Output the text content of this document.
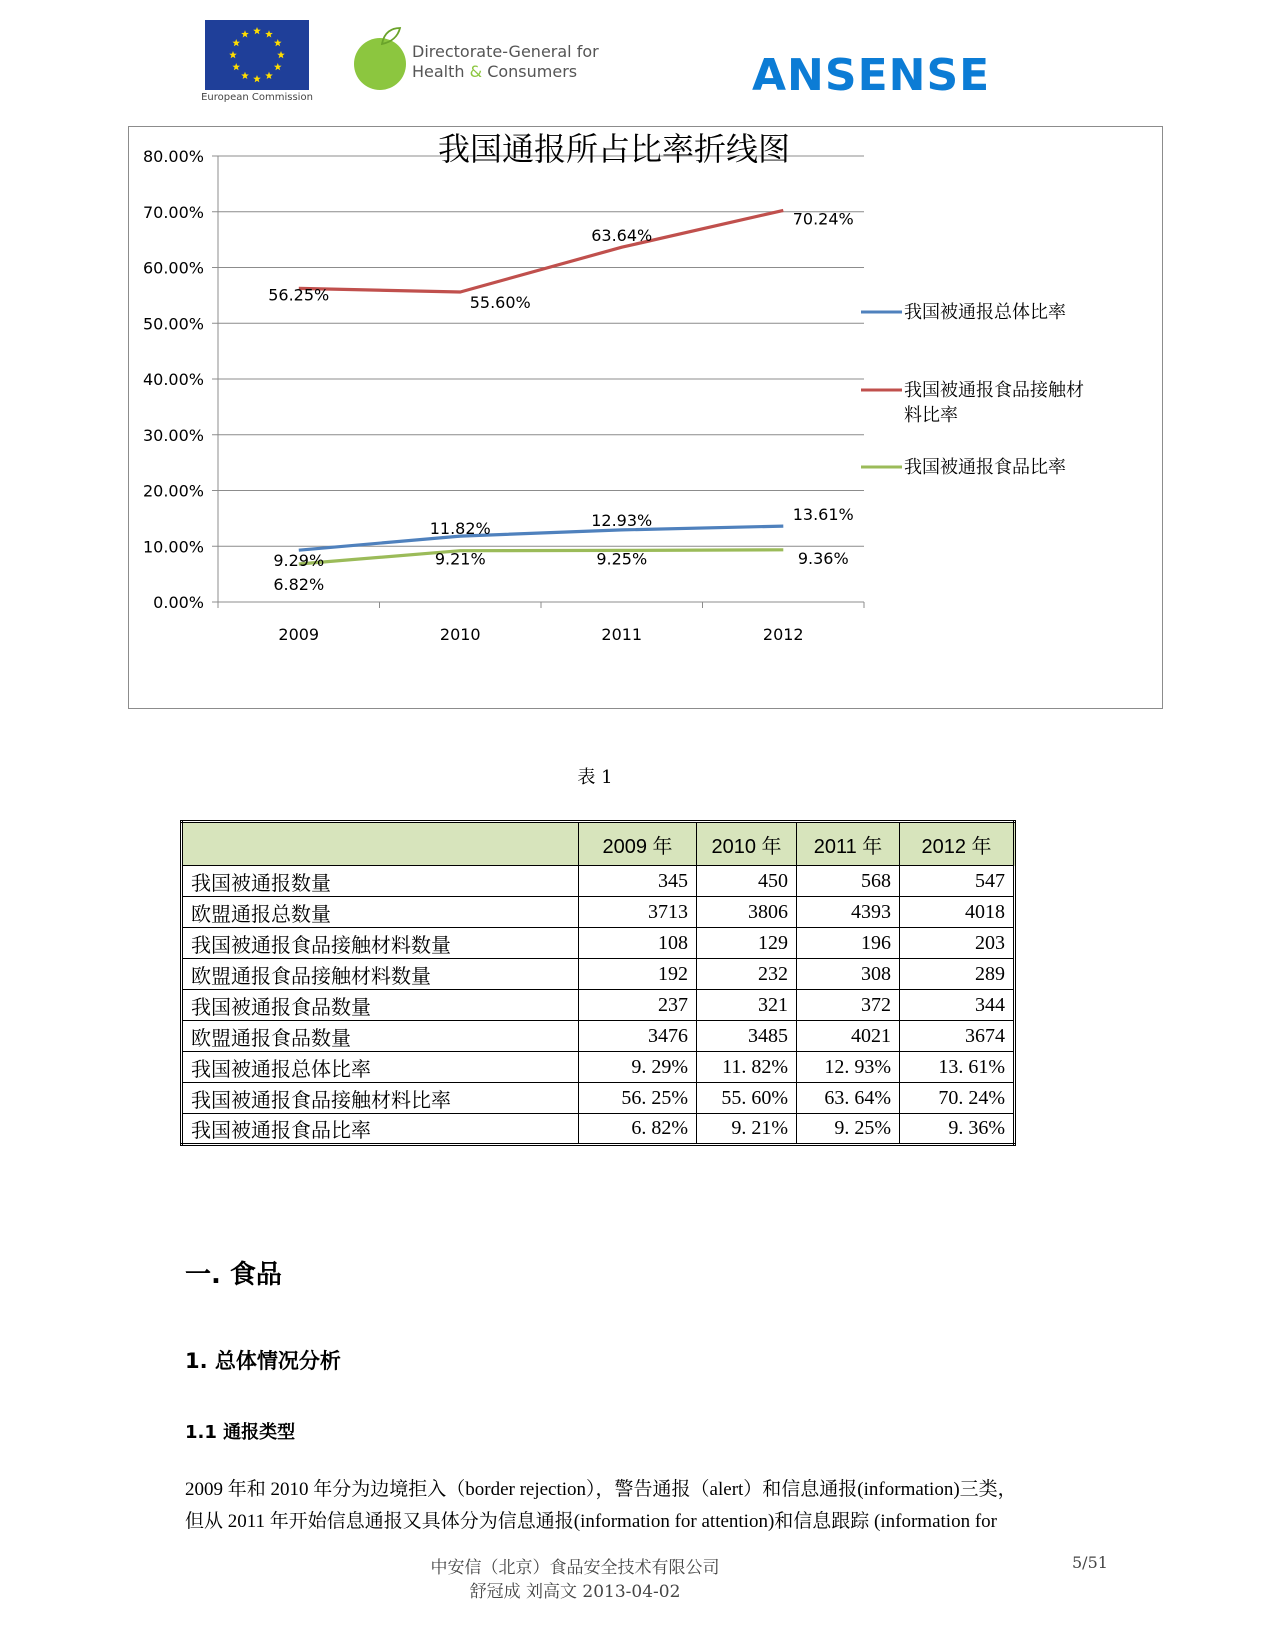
European Commission
Directorate-General for
Health & Consumers	ANSENSE
0.00%
10.00%
20.00%
30.00%
40.00%
50.00%
60.00%
70.00%
80.00%
2009	2010	2011	2012
9.29%
11.82%	12.93%	13.61%
56.25%	55.60%
63.64%
70.24%
6.82%
9.21%	9.25%	9.36%
我国通报所占比率折线图
我国被通报总体比率
我国被通报食品接触材
料比率
我国被通报食品比率
表 1
	2009 年	2010 年	2011 年	2012 年
我国被通报数量	345	450	568	547
欧盟通报总数量	3713	3806	4393	4018
我国被通报食品接触材料数量	108	129	196	203
欧盟通报食品接触材料数量	192	232	308	289
我国被通报食品数量	237	321	372	344
欧盟通报食品数量	3476	3485	4021	3674
我国被通报总体比率	9. 29%	11. 82%	12. 93%	13. 61%
我国被通报食品接触材料比率	56. 25%	55. 60%	63. 64%	70. 24%
我国被通报食品比率	6. 82%	9. 21%	9. 25%	9. 36%
一. 食品
1. 总体情况分析
1.1 通报类型
2009 年和 2010 年分为边境拒入（border rejection），警告通报（alert）和信息通报(information)三类，
但从 2011 年开始信息通报又具体分为信息通报(information for attention)和信息跟踪 (information for
中安信（北京）食品安全技术有限公司
舒冠成 刘高文 2013-04-02
5/51
